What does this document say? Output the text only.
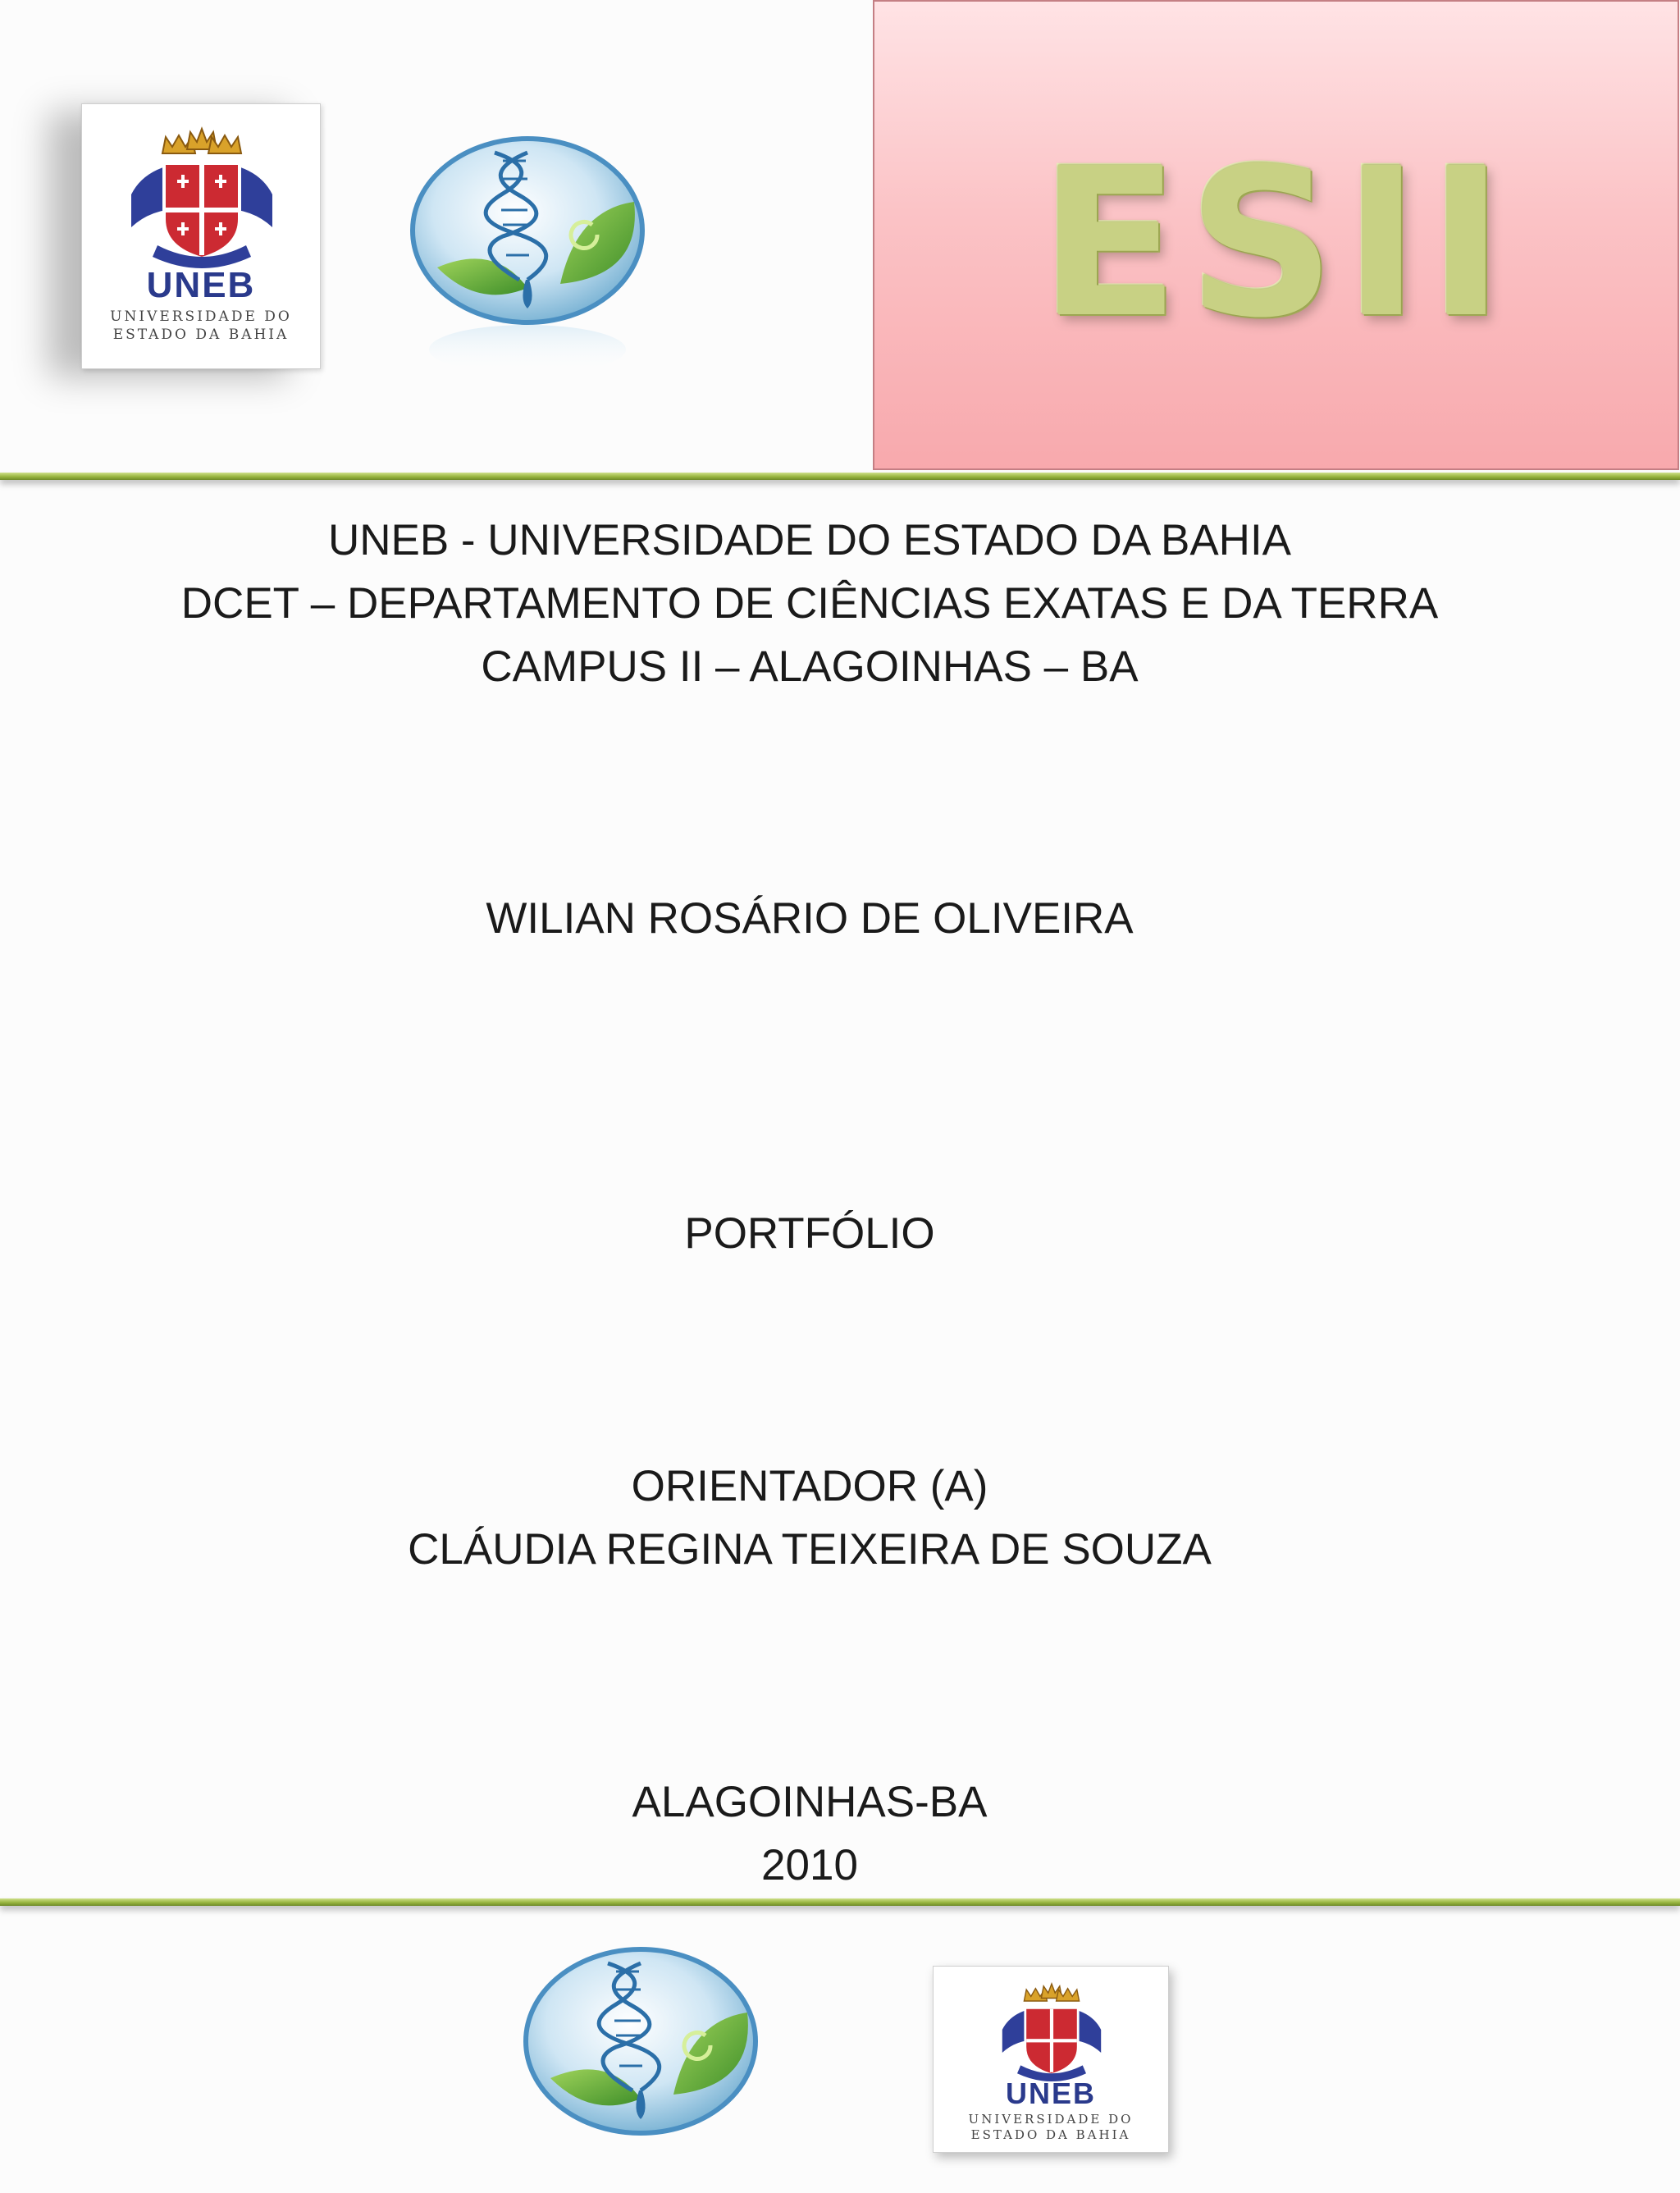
UNEB
UNIVERSIDADE DO
ESTADO DA BAHIA	ESII
UNEB - UNIVERSIDADE DO ESTADO DA BAHIA
DCET – DEPARTAMENTO DE CIÊNCIAS EXATAS E DA TERRA
CAMPUS II – ALAGOINHAS – BA
WILIAN ROSÁRIO DE OLIVEIRA
PORTFÓLIO
ORIENTADOR (A)
CLÁUDIA REGINA TEIXEIRA DE SOUZA
ALAGOINHAS-BA
2010
UNEB
UNIVERSIDADE DO
ESTADO DA BAHIA
